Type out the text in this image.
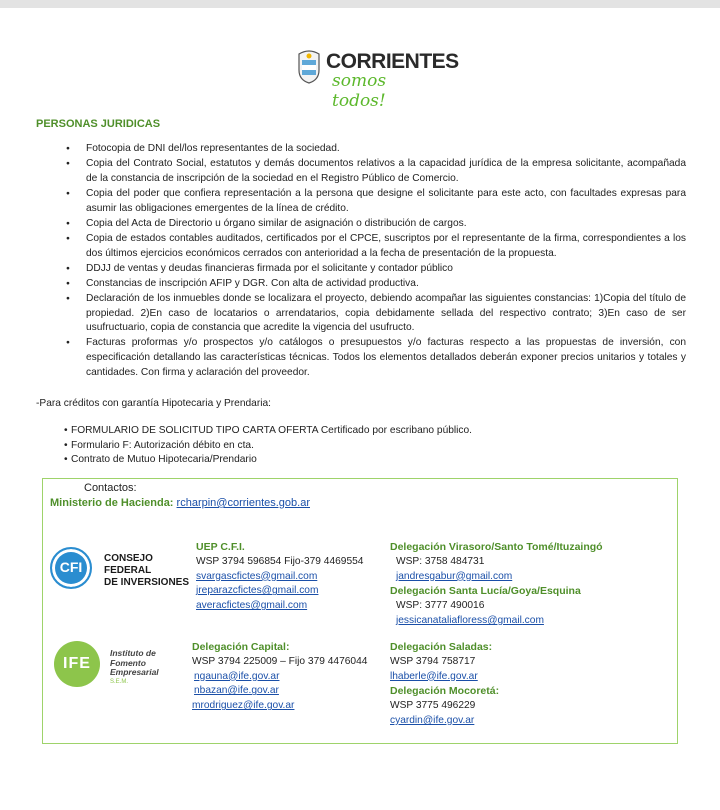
CORRIENTES
somos todos!
PERSONAS JURIDICAS
● Fotocopia de DNI del/los representantes de la sociedad.
● Copia del Contrato Social, estatutos y demás documentos relativos a la capacidad jurídica de la empresa solicitante, acompañada de la constancia de inscripción de la sociedad en el Registro Público de Comercio.
● Copia del poder que confiera representación a la persona que designe el solicitante para este acto, con facultades expresas para asumir las obligaciones emergentes de la línea de crédito.
● Copia del Acta de Directorio u órgano similar de asignación o distribución de cargos.
● Copia de estados contables auditados, certificados por el CPCE, suscriptos por el representante de la firma, correspondientes a los dos últimos ejercicios económicos cerrados con anterioridad a la fecha de presentación de la propuesta.
● DDJJ de ventas y deudas financieras firmada por el solicitante y contador público
● Constancias de inscripción AFIP y DGR. Con alta de actividad productiva.
● Declaración de los inmuebles donde se localizara el proyecto, debiendo acompañar las siguientes constancias: 1)Copia del título de propiedad. 2)En caso de locatarios o arrendatarios, copia debidamente sellada del respectivo contrato; 3)En caso de ser usufructuario, copia de constancia que acredite la vigencia del usufructo.
● Facturas proformas y/o prospectos y/o catálogos o presupuestos y/o facturas respecto a las propuestas de inversión, con especificación detallando las características técnicas. Todos los elementos detallados deberán exponer precios unitarios y totales y cantidades. Con firma y aclaración del proveedor.
-Para créditos con garantía Hipotecaria y Prendaria:
• FORMULARIO DE SOLICITUD TIPO CARTA OFERTA Certificado por escribano público.
• Formulario F: Autorización débito en cta.
• Contrato de Mutuo Hipotecaria/Prendario
Contactos:
Ministerio de Hacienda: rcharpin@corrientes.gob.ar
CFI
CONSEJO FEDERAL
DE INVERSIONES
UEP C.F.I.
WSP 3794 596854 Fijo-379 4469554
svargascfictes@gmail.com
jreparazcfictes@gmail.com
averacfictes@gmail.com
Delegación Virasoro/Santo Tomé/Ituzaingó
WSP: 3758 484731
jandresgabur@gmail.com
Delegación Santa Lucía/Goya/Esquina
WSP: 3777 490016
jessicanataliafloress@gmail.com
IFE
Instituto de
Fomento
Empresarial
S.E.M.
Delegación Capital:
WSP 3794 225009 – Fijo 379 4476044
ngauna@ife.gov.ar
nbazan@ife.gov.ar
mrodriguez@ife.gov.ar
Delegación Saladas:
WSP 3794 758717
lhaberle@ife.gov.ar
Delegación Mocoretá:
WSP 3775 496229
cyardin@ife.gov.ar
